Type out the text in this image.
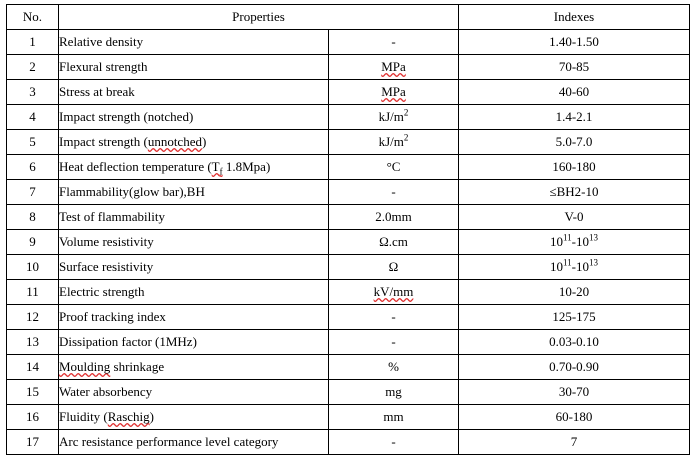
No.	Properties		Indexes
1	Relative density	-	1.40-1.50
2	Flexural strength	MPa	70-85
3	Stress at break	MPa	40-60
4	Impact strength (notched)	$kJ/m^2$	1.4-2.1
5	Impact strength (unnotched)	$kJ/m^2$	5.0-7.0
6	Heat deflection temperature ($T_f$ 1.8Mpa)	°C	160-180
7	Flammability(glow bar),BH	-	≤BH2-10
8	Test of flammability	2.0mm	V-0
9	Volume resistivity	Ω.cm	$10^{11}-10^{13}$
10	Surface resistivity	Ω	$10^{11}-10^{13}$
11	Electric strength	kV/mm	10-20
12	Proof tracking index	-	125-175
13	Dissipation factor (1MHz)	-	0.03-0.10
14	Moulding shrinkage	%	0.70-0.90
15	Water absorbency	mg	30-70
16	Fluidity (Raschig)	mm	60-180
17	Arc resistance performance level category	-	7
